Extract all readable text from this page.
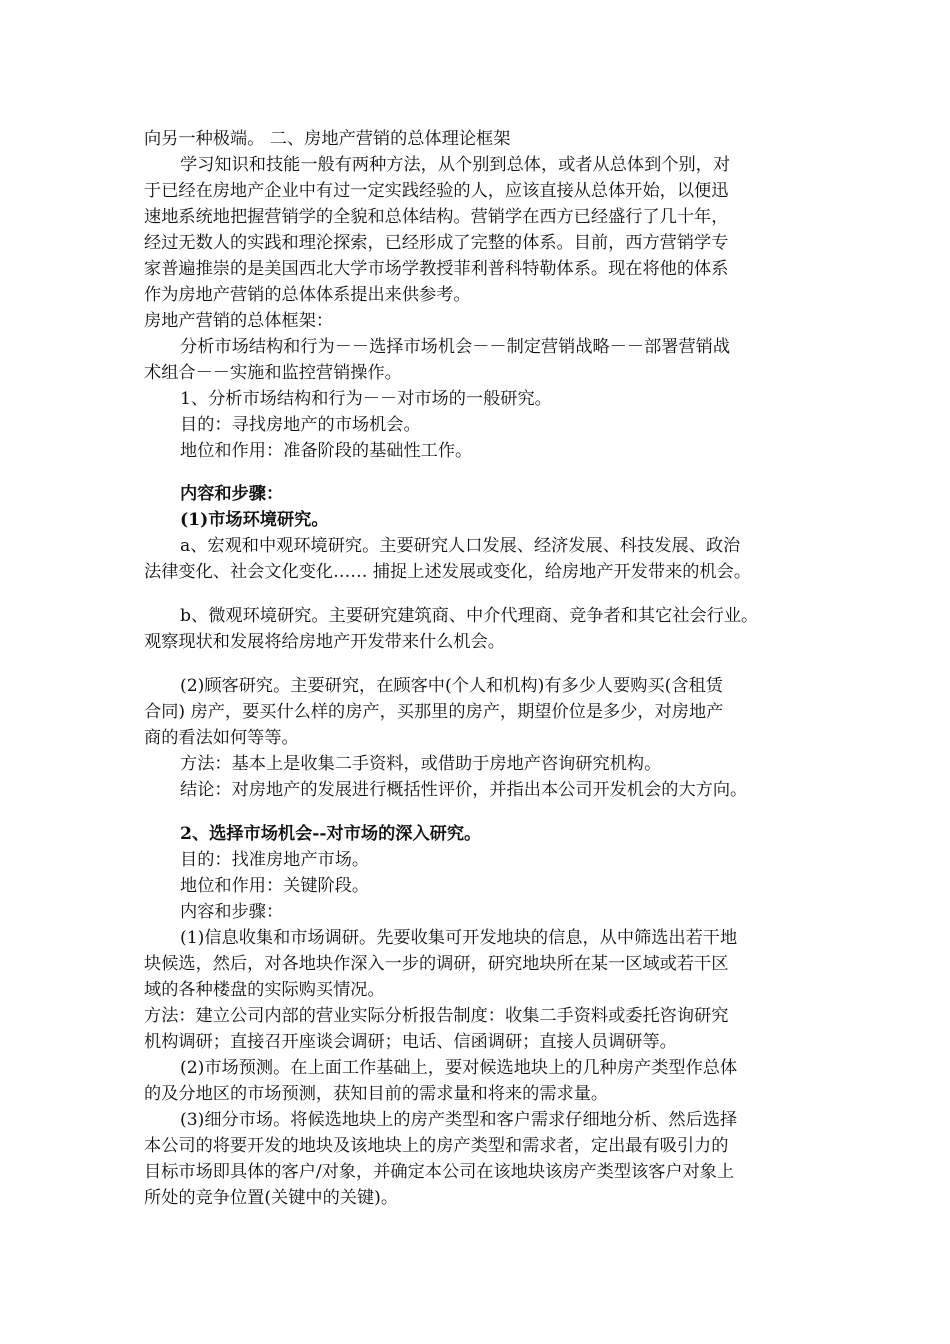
向另一种极端。 二、房地产营销的总体理论框架
学习知识和技能一般有两种方法，从个别到总体，或者从总体到个别，对
于已经在房地产企业中有过一定实践经验的人，应该直接从总体开始，以便迅
速地系统地把握营销学的全貌和总体结构。营销学在西方已经盛行了几十年，
经过无数人的实践和理沦探索，已经形成了完整的体系。目前，西方营销学专
家普遍推崇的是美国西北大学市场学教授菲利普科特勒体系。现在将他的体系
作为房地产营销的总体体系提出来供参考。
房地产营销的总体框架：
分析市场结构和行为－－选择市场机会－－制定营销战略－－部署营销战
术组合－－实施和监控营销操作。
1、分析市场结构和行为－－对市场的一般研究。
目的：寻找房地产的市场机会。
地位和作用：准备阶段的基础性工作。
内容和步骤：
(1)市场环境研究。
a、宏观和中观环境研究。主要研究人口发展、经济发展、科技发展、政治
法律变化、社会文化变化…… 捕捉上述发展或变化，给房地产开发带来的机会。
b、微观环境研究。主要研究建筑商、中介代理商、竞争者和其它社会行业。
观察现状和发展将给房地产开发带来什么机会。
(2)顾客研究。主要研究，在顾客中(个人和机构)有多少人要购买(含租赁
合同) 房产，要买什么样的房产，买那里的房产，期望价位是多少，对房地产
商的看法如何等等。
方法：基本上是收集二手资料，或借助于房地产咨询研究机构。
结论：对房地产的发展进行概括性评价，并指出本公司开发机会的大方向。
2、选择市场机会--对市场的深入研究。
目的：找准房地产市场。
地位和作用：关键阶段。
内容和步骤：
(1)信息收集和市场调研。先要收集可开发地块的信息，从中筛选出若干地
块候选，然后，对各地块作深入一步的调研，研究地块所在某一区域或若干区
域的各种楼盘的实际购买情况。
方法：建立公司内部的营业实际分析报告制度：收集二手资料或委托咨询研究
机构调研；直接召开座谈会调研；电话、信函调研；直接人员调研等。
(2)市场预测。在上面工作基础上，要对候选地块上的几种房产类型作总体
的及分地区的市场预测，获知目前的需求量和将来的需求量。
(3)细分市场。将候选地块上的房产类型和客户需求仔细地分析、然后选择
本公司的将要开发的地块及该地块上的房产类型和需求者，定出最有吸引力的
目标市场即具体的客户/对象，并确定本公司在该地块该房产类型该客户对象上
所处的竞争位置(关键中的关键)。
